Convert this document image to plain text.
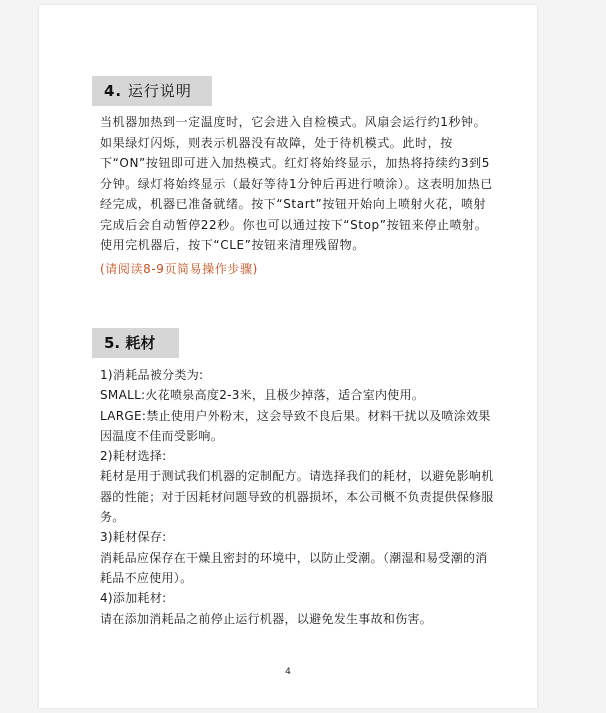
4. 运行说明

当机器加热到一定温度时，它会进入自检模式。风扇会运行约1秒钟。如果绿灯闪烁，则表示机器没有故障，处于待机模式。此时，按下“ON”按钮即可进入加热模式。红灯将始终显示，加热将持续约3到5分钟。绿灯将始终显示（最好等待1分钟后再进行喷涂）。这表明加热已经完成，机器已准备就绪。按下“Start”按钮开始向上喷射火花，喷射完成后会自动暂停22秒。你也可以通过按下“Stop”按钮来停止喷射。使用完机器后，按下“CLE”按钮来清理残留物。

(请阅读8-9页简易操作步骤)

5. 耗材

1)消耗品被分类为:

SMALL:火花喷泉高度2-3米，且极少掉落，适合室内使用。

LARGE:禁止使用户外粉末，这会导致不良后果。材料干扰以及喷涂效果因温度不佳而受影响。

2)耗材选择:

耗材是用于测试我们机器的定制配方。请选择我们的耗材，以避免影响机器的性能；对于因耗材问题导致的机器损坏，本公司概不负责提供保修服务。

3)耗材保存:

消耗品应保存在干燥且密封的环境中，以防止受潮。（潮湿和易受潮的消耗品不应使用）。

4)添加耗材:

请在添加消耗品之前停止运行机器，以避免发生事故和伤害。

4
